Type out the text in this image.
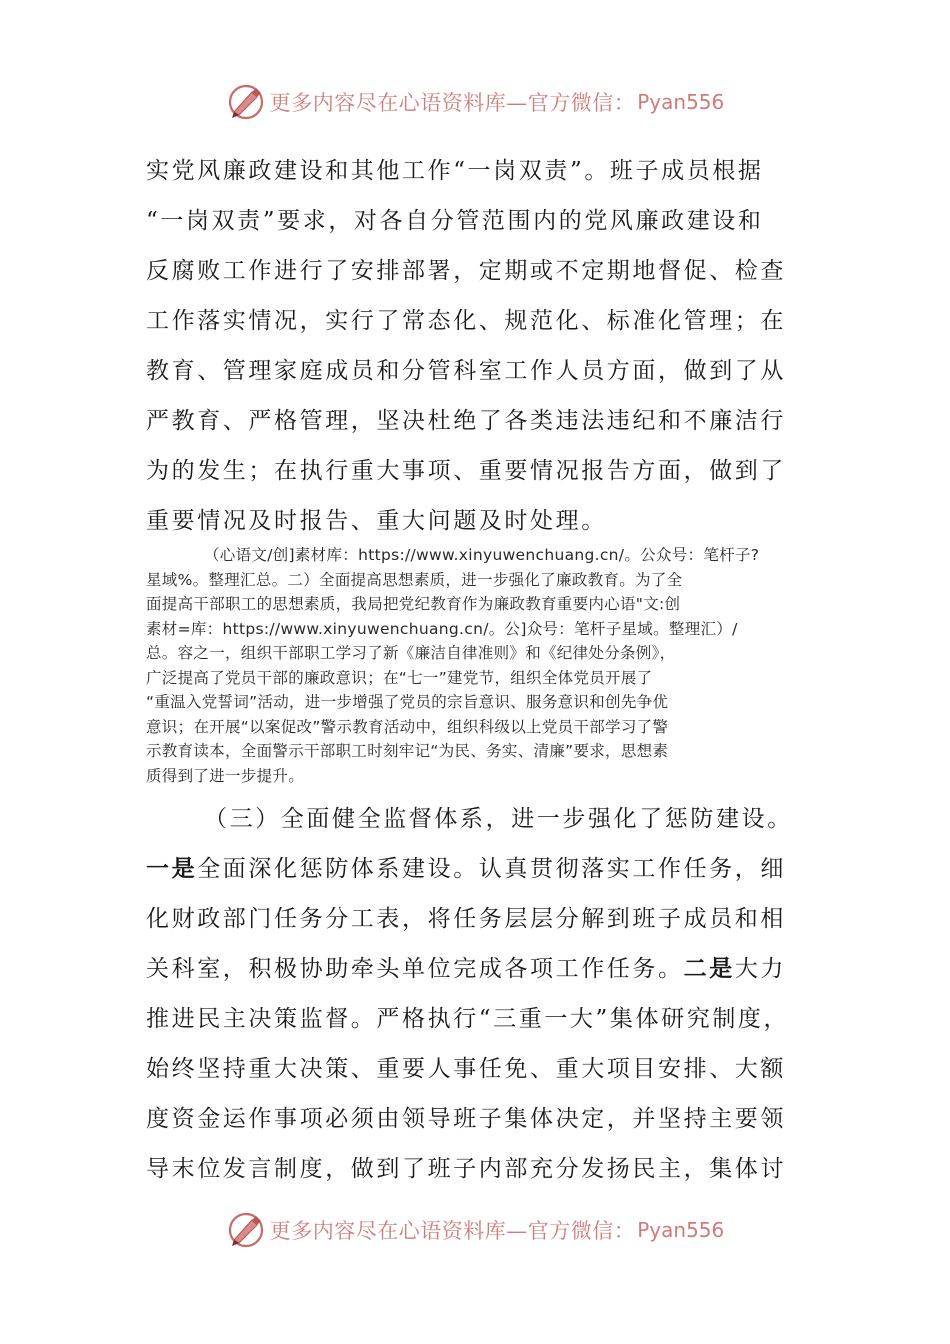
更多内容尽在心语资料库—官方微信： Pyan556
实党风廉政建设和其他工作“一岗双责”。班子成员根据
“一岗双责”要求，对各自分管范围内的党风廉政建设和
反腐败工作进行了安排部署，定期或不定期地督促、检查
工作落实情况，实行了常态化、规范化、标准化管理；在
教育、管理家庭成员和分管科室工作人员方面，做到了从
严教育、严格管理，坚决杜绝了各类违法违纪和不廉洁行
为的发生；在执行重大事项、重要情况报告方面，做到了
重要情况及时报告、重大问题及时处理。
（心语文/创]素材库：https://www.xinyuwenchuang.cn/。公众号：笔杆子?
星域%。整理汇总。二）全面提高思想素质，进一步强化了廉政教育。为了全
面提高干部职工的思想素质，我局把党纪教育作为廉政教育重要内心语"文:创
素材=库：https://www.xinyuwenchuang.cn/。公]众号：笔杆子星域。整理汇）/
总。容之一，组织干部职工学习了新《廉洁自律准则》和《纪律处分条例》，
广泛提高了党员干部的廉政意识；在“七一”建党节，组织全体党员开展了
“重温入党誓词”活动，进一步增强了党员的宗旨意识、服务意识和创先争优
意识；在开展“以案促改”警示教育活动中，组织科级以上党员干部学习了警
示教育读本，全面警示干部职工时刻牢记“为民、务实、清廉”要求，思想素
质得到了进一步提升。
（三）全面健全监督体系，进一步强化了惩防建设。
一是全面深化惩防体系建设。认真贯彻落实工作任务，细
化财政部门任务分工表，将任务层层分解到班子成员和相
关科室，积极协助牵头单位完成各项工作任务。二是大力
推进民主决策监督。严格执行“三重一大”集体研究制度，
始终坚持重大决策、重要人事任免、重大项目安排、大额
度资金运作事项必须由领导班子集体决定，并坚持主要领
导末位发言制度，做到了班子内部充分发扬民主，集体讨
更多内容尽在心语资料库—官方微信： Pyan556
